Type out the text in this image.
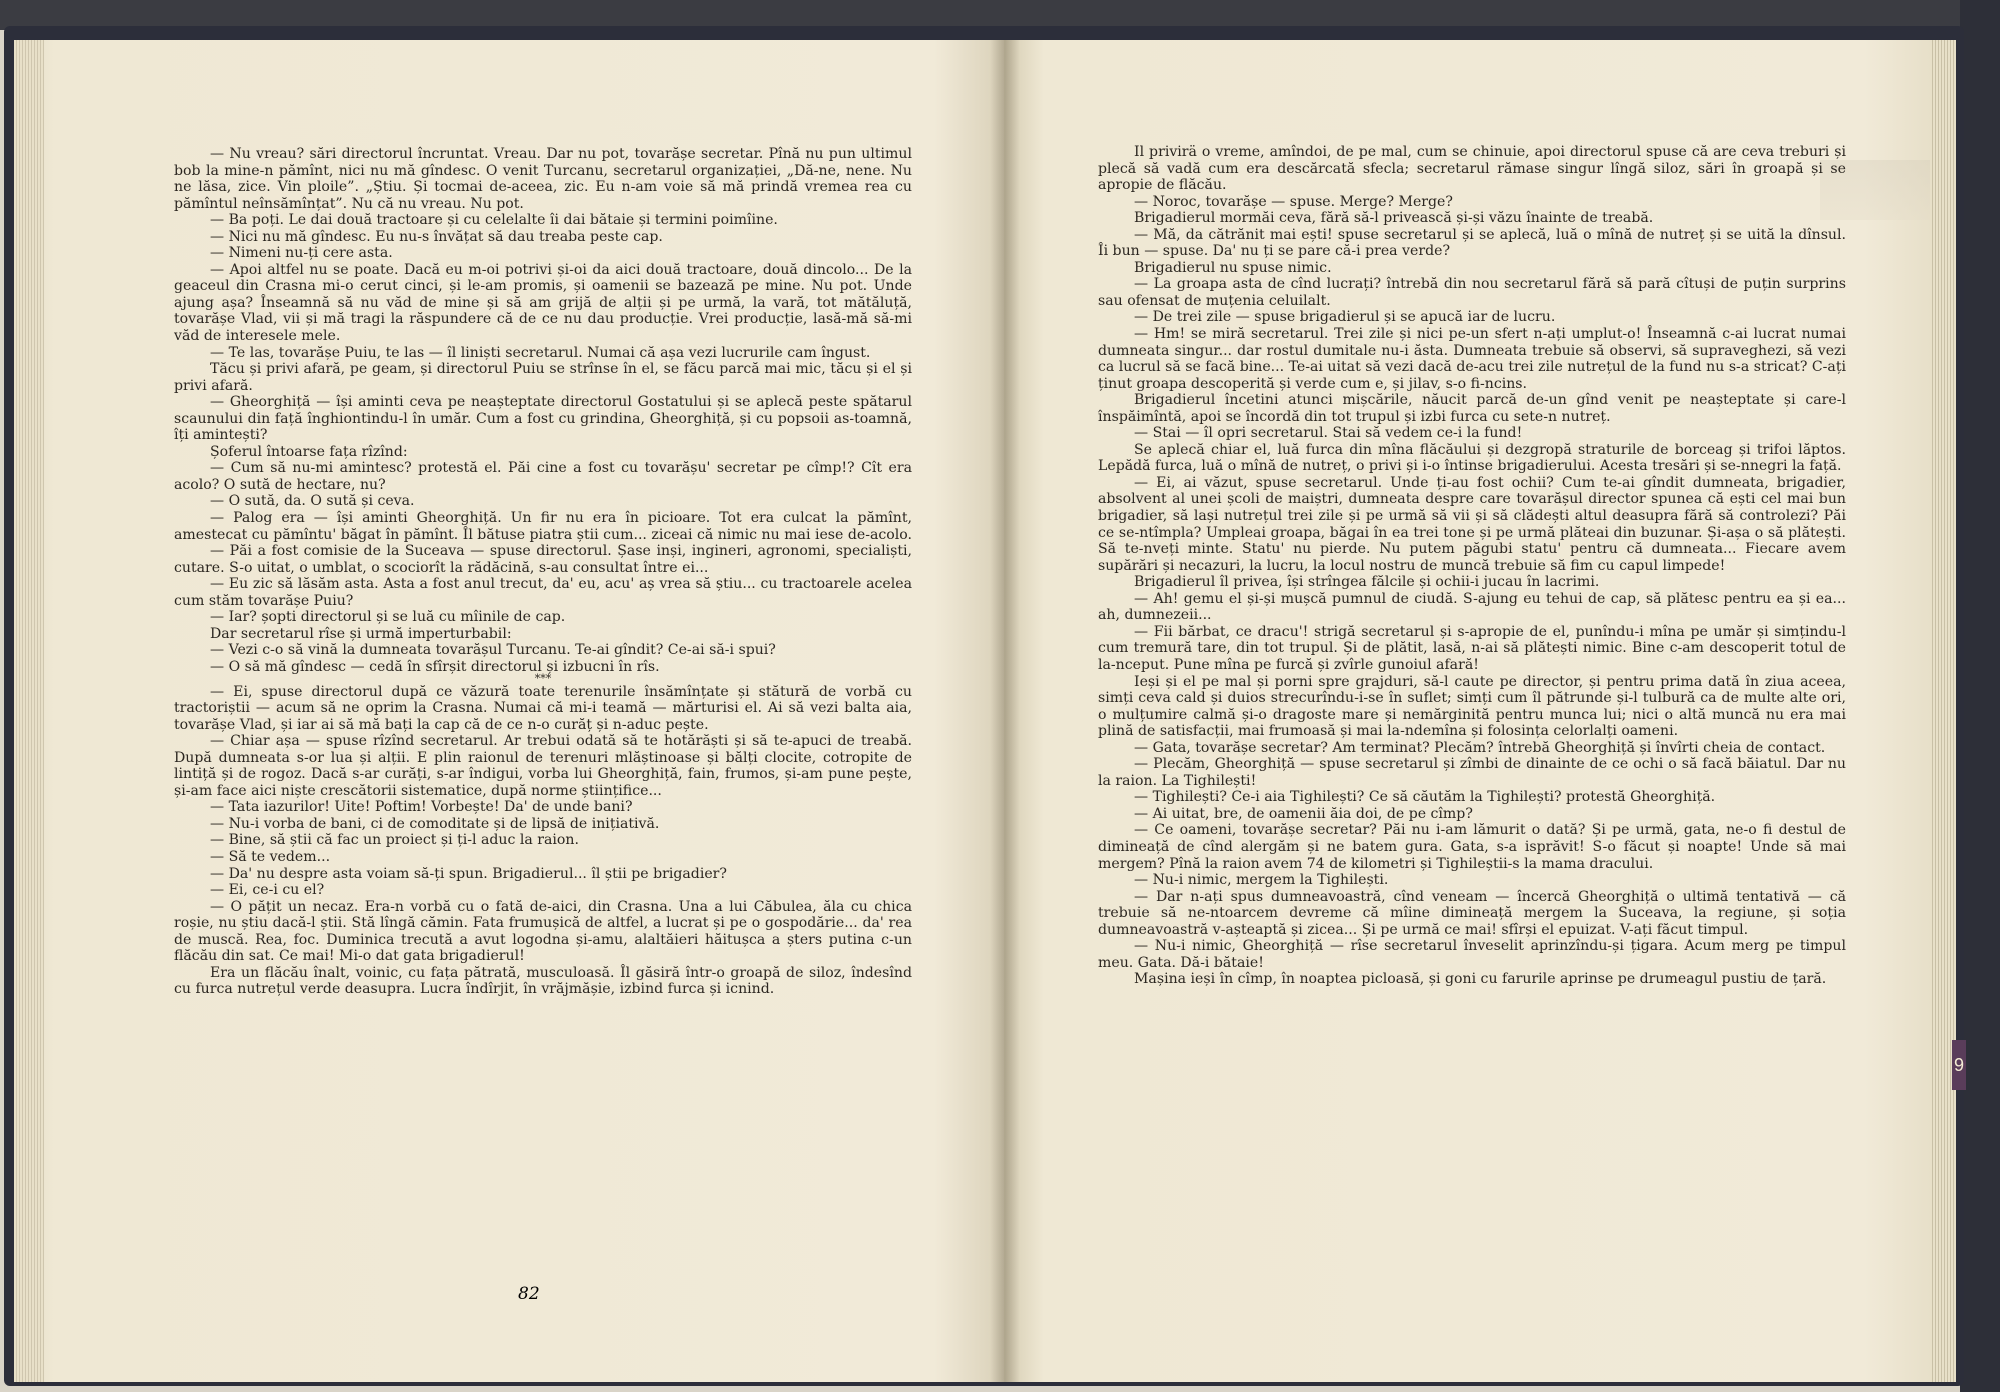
— Nu vreau? sări directorul încruntat. Vreau. Dar nu pot, tovarășe secretar. Pînă nu pun ultimul bob la mine-n pămînt, nici nu mă gîndesc. O venit Turcanu, secretarul organizației, „Dă-ne, nene. Nu ne lăsa, zice. Vin ploile”. „Știu. Și tocmai de-aceea, zic. Eu n-am voie să mă prindă vremea rea cu pămîntul neînsămînțat”. Nu că nu vreau. Nu pot.

— Ba poți. Le dai două tractoare și cu celelalte îi dai bătaie și termini poimîine.

— Nici nu mă gîndesc. Eu nu-s învățat să dau treaba peste cap.

— Nimeni nu-ți cere asta.

— Apoi altfel nu se poate. Dacă eu m-oi potrivi și-oi da aici două tractoare, două dincolo... De la geaceul din Crasna mi-o cerut cinci, și le-am promis, și oamenii se bazează pe mine. Nu pot. Unde ajung așa? Înseamnă să nu văd de mine și să am grijă de alții și pe urmă, la vară, tot mătăluță, tovarășe Vlad, vii și mă tragi la răspundere că de ce nu dau producție. Vrei producție, lasă-mă să-mi văd de interesele mele.

— Te las, tovarășe Puiu, te las — îl liniști secretarul. Numai că așa vezi lucrurile cam îngust.

Tăcu și privi afară, pe geam, și directorul Puiu se strînse în el, se făcu parcă mai mic, tăcu și el și privi afară.

— Gheorghiță — își aminti ceva pe neașteptate directorul Gostatului și se aplecă peste spătarul scaunului din față înghiontindu-l în umăr. Cum a fost cu grindina, Gheorghiță, și cu popsoii as-toamnă, îți amintești?

Șoferul întoarse fața rîzînd:

— Cum să nu-mi amintesc? protestă el. Păi cine a fost cu tovarășu' secretar pe cîmp!? Cît era acolo? O sută de hectare, nu?

— O sută, da. O sută și ceva.

— Palog era — își aminti Gheorghiță. Un fir nu era în picioare. Tot era culcat la pămînt, amestecat cu pămîntu' băgat în pămînt. Îl bătuse piatra știi cum... ziceai că nimic nu mai iese de-acolo.

— Păi a fost comisie de la Suceava — spuse directorul. Șase inși, ingineri, agronomi, specialiști, cutare. S-o uitat, o umblat, o scociorît la rădăcină, s-au consultat între ei...

— Eu zic să lăsăm asta. Asta a fost anul trecut, da' eu, acu' aș vrea să știu... cu tractoarele acelea cum stăm tovarășe Puiu?

— Iar? șopti directorul și se luă cu mîinile de cap.

Dar secretarul rîse și urmă imperturbabil:

— Vezi c-o să vină la dumneata tovarășul Turcanu. Te-ai gîndit? Ce-ai să-i spui?

— O să mă gîndesc — cedă în sfîrșit directorul și izbucni în rîs.

***

— Ei, spuse directorul după ce văzură toate terenurile însămînțate și stătură de vorbă cu tractoriștii — acum să ne oprim la Crasna. Numai că mi-i teamă — mărturisi el. Ai să vezi balta aia, tovarășe Vlad, și iar ai să mă bați la cap că de ce n-o curăț și n-aduc pește.

— Chiar așa — spuse rîzînd secretarul. Ar trebui odată să te hotărăști și să te-apuci de treabă. După dumneata s-or lua și alții. E plin raionul de terenuri mlăștinoase și bălți clocite, cotropite de lintiță și de rogoz. Dacă s-ar curăți, s-ar îndigui, vorba lui Gheorghiță, fain, frumos, și-am pune pește, și-am face aici niște crescătorii sistematice, după norme științifice...

— Tata iazurilor! Uite! Poftim! Vorbește! Da' de unde bani?

— Nu-i vorba de bani, ci de comoditate și de lipsă de inițiativă.

— Bine, să știi că fac un proiect și ți-l aduc la raion.

— Să te vedem...

— Da' nu despre asta voiam să-ți spun. Brigadierul... îl știi pe brigadier?

— Ei, ce-i cu el?

— O pățit un necaz. Era-n vorbă cu o fată de-aici, din Crasna. Una a lui Căbulea, ăla cu chica roșie, nu știu dacă-l știi. Stă lîngă cămin. Fata frumușică de altfel, a lucrat și pe o gospodărie... da' rea de muscă. Rea, foc. Duminica trecută a avut logodna și-amu, alaltăieri hăitușca a șters putina c-un flăcău din sat. Ce mai! Mi-o dat gata brigadierul!

Era un flăcău înalt, voinic, cu fața pătrată, musculoasă. Îl găsiră într-o groapă de siloz, îndesînd cu furca nutrețul verde deasupra. Lucra îndîrjit, în vrăjmășie, izbind furca și icnind.

82

Il privirä o vreme, amîndoi, de pe mal, cum se chinuie, apoi directorul spuse că are ceva treburi și plecă să vadă cum era descărcată sfecla; secretarul rămase singur lîngă siloz, sări în groapă și se apropie de flăcău.

— Noroc, tovarășe — spuse. Merge? Merge?

Brigadierul mormăi ceva, fără să-l privească și-și văzu înainte de treabă.

— Mă, da cătrănit mai ești! spuse secretarul și se aplecă, luă o mînă de nutreț și se uită la dînsul. Îi bun — spuse. Da' nu ți se pare că-i prea verde?

Brigadierul nu spuse nimic.

— La groapa asta de cînd lucrați? întrebă din nou secretarul fără să pară cîtuși de puțin surprins sau ofensat de muțenia celuilalt.

— De trei zile — spuse brigadierul și se apucă iar de lucru.

— Hm! se miră secretarul. Trei zile și nici pe-un sfert n-ați umplut-o! Înseamnă c-ai lucrat numai dumneata singur... dar rostul dumitale nu-i ăsta. Dumneata trebuie să observi, să supraveghezi, să vezi ca lucrul să se facă bine... Te-ai uitat să vezi dacă de-acu trei zile nutrețul de la fund nu s-a stricat? C-ați ținut groapa descoperită și verde cum e, și jilav, s-o fi-ncins.

Brigadierul încetini atunci mișcările, năucit parcă de-un gînd venit pe neașteptate și care-l înspăimîntă, apoi se încordă din tot trupul și izbi furca cu sete-n nutreț.

— Stai — îl opri secretarul. Stai să vedem ce-i la fund!

Se aplecă chiar el, luă furca din mîna flăcăului și dezgropă straturile de borceag și trifoi lăptos. Lepădă furca, luă o mînă de nutreț, o privi și i-o întinse brigadierului. Acesta tresări și se-nnegri la față.

— Ei, ai văzut, spuse secretarul. Unde ți-au fost ochii? Cum te-ai gîndit dumneata, brigadier, absolvent al unei școli de maiștri, dumneata despre care tovarășul director spunea că ești cel mai bun brigadier, să lași nutrețul trei zile și pe urmă să vii și să clădești altul deasupra fără să controlezi? Păi ce se-ntîmpla? Umpleai groapa, băgai în ea trei tone și pe urmă plăteai din buzunar. Și-așa o să plătești. Să te-nveți minte. Statu' nu pierde. Nu putem păgubi statu' pentru că dumneata... Fiecare avem supărări și necazuri, la lucru, la locul nostru de muncă trebuie să fim cu capul limpede!

Brigadierul îl privea, își strîngea fălcile și ochii-i jucau în lacrimi.

— Ah! gemu el și-și mușcă pumnul de ciudă. S-ajung eu tehui de cap, să plătesc pentru ea și ea... ah, dumnezeii...

— Fii bărbat, ce dracu'! strigă secretarul și s-apropie de el, punîndu-i mîna pe umăr și simțindu-l cum tremură tare, din tot trupul. Și de plătit, lasă, n-ai să plătești nimic. Bine c-am descoperit totul de la-nceput. Pune mîna pe furcă și zvîrle gunoiul afară!

Ieși și el pe mal și porni spre grajduri, să-l caute pe director, și pentru prima dată în ziua aceea, simți ceva cald și duios strecurîndu-i-se în suflet; simți cum îl pătrunde și-l tulbură ca de multe alte ori, o mulțumire calmă și-o dragoste mare și nemărginită pentru munca lui; nici o altă muncă nu era mai plină de satisfacții, mai frumoasă și mai la-ndemîna și folosința celorlalți oameni.

— Gata, tovarășe secretar? Am terminat? Plecăm? întrebă Gheorghiță și învîrti cheia de contact.

— Plecăm, Gheorghiță — spuse secretarul și zîmbi de dinainte de ce ochi o să facă băiatul. Dar nu la raion. La Tighilești!

— Tighilești? Ce-i aia Tighilești? Ce să căutăm la Tighilești? protestă Gheorghiță.

— Ai uitat, bre, de oamenii ăia doi, de pe cîmp?

— Ce oameni, tovarășe secretar? Păi nu i-am lămurit o dată? Și pe urmă, gata, ne-o fi destul de dimineață de cînd alergăm și ne batem gura. Gata, s-a isprăvit! S-o făcut și noapte! Unde să mai mergem? Pînă la raion avem 74 de kilometri și Tighileștii-s la mama dracului.

— Nu-i nimic, mergem la Tighilești.

— Dar n-ați spus dumneavoastră, cînd veneam — încercă Gheorghiță o ultimă tentativă — că trebuie să ne-ntoarcem devreme că mîine dimineață mergem la Suceava, la regiune, și soția dumneavoastră v-așteaptă și zicea... Și pe urmă ce mai! sfîrși el epuizat. V-ați făcut timpul.

— Nu-i nimic, Gheorghiță — rîse secretarul înveselit aprinzîndu-și țigara. Acum merg pe timpul meu. Gata. Dă-i bătaie!

Mașina ieși în cîmp, în noaptea picloasă, și goni cu farurile aprinse pe drumeagul pustiu de țară.

9
